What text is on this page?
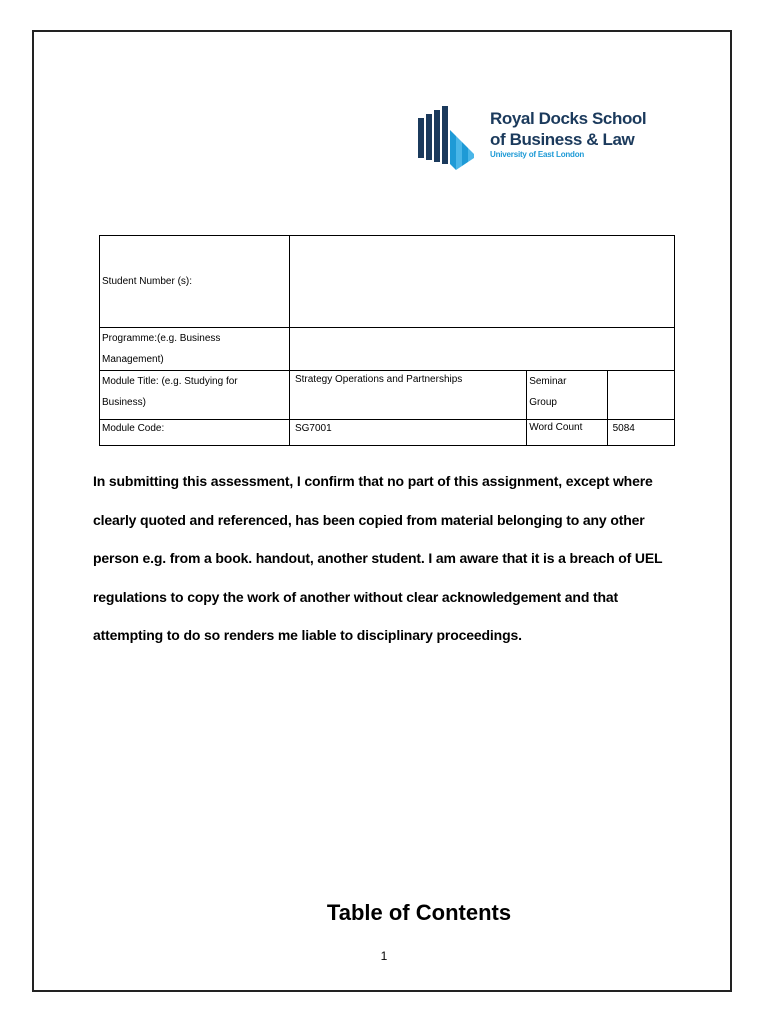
Royal Docks School
of Business & Law
University of East London
Student Number (s):			

Programme:(e.g. Business
Management)			

Module Title: (e.g. Studying for
Business)	Strategy Operations and Partnerships	Seminar
Group	

Module Code:	SG7001	Word Count	5084
In submitting this assessment, I confirm that no part of this assignment, except where clearly quoted and referenced, has been copied from material belonging to any other person e.g. from a book. handout, another student. I am aware that it is a breach of UEL regulations to copy the work of another without clear acknowledgement and that attempting to do so renders me liable to disciplinary proceedings.
Table of Contents
1
